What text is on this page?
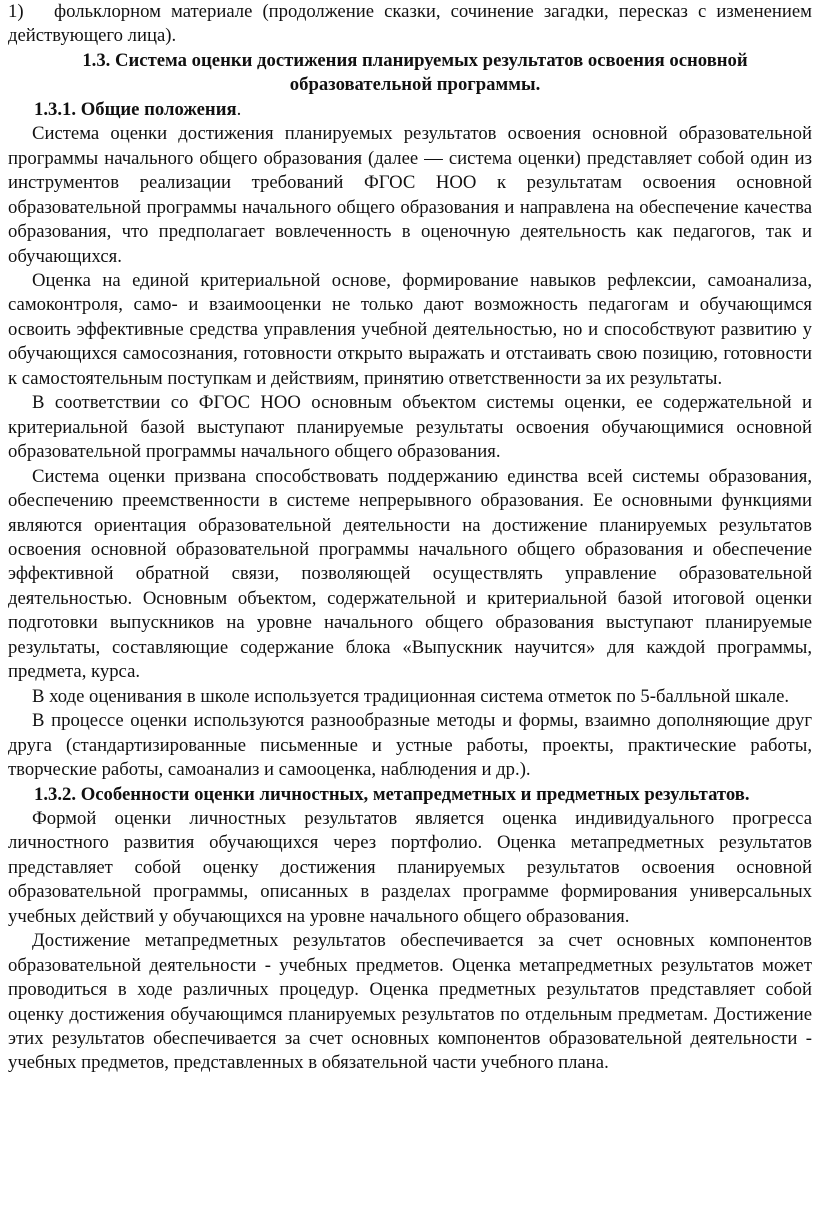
1) фольклорном материале (продолжение сказки, сочинение загадки, пересказ с изменением действующего лица).

1.3. Система оценки достижения планируемых результатов освоения основной образовательной программы.

1.3.1. Общие положения.

Система оценки достижения планируемых результатов освоения основной образовательной программы начального общего образования (далее — система оценки) представляет собой один из инструментов реализации требований ФГОС НОО к результатам освоения основной образовательной программы начального общего образования и направлена на обеспечение качества образования, что предполагает вовлеченность в оценочную деятельность как педагогов, так и обучающихся.

Оценка на единой критериальной основе, формирование навыков рефлексии, самоанализа, самоконтроля, само- и взаимооценки не только дают возможность педагогам и обучающимся освоить эффективные средства управления учебной деятельностью, но и способствуют развитию у обучающихся самосознания, готовности открыто выражать и отстаивать свою позицию, готовности к самостоятельным поступкам и действиям, принятию ответственности за их результаты.

В соответствии со ФГОС НОО основным объектом системы оценки, ее содержательной и критериальной базой выступают планируемые результаты освоения обучающимися основной образовательной программы начального общего образования.

Система оценки призвана способствовать поддержанию единства всей системы образования, обеспечению преемственности в системе непрерывного образования. Ее основными функциями являются ориентация образовательной деятельности на достижение планируемых результатов освоения основной образовательной программы начального общего образования и обеспечение эффективной обратной связи, позволяющей осуществлять управление образовательной деятельностью. Основным объектом, содержательной и критериальной базой итоговой оценки подготовки выпускников на уровне начального общего образования выступают планируемые результаты, составляющие содержание блока «Выпускник научится» для каждой программы, предмета, курса.

В ходе оценивания в школе используется традиционная система отметок по 5-балльной шкале.

В процессе оценки используются разнообразные методы и формы, взаимно дополняющие друг друга (стандартизированные письменные и устные работы, проекты, практические работы, творческие работы, самоанализ и самооценка, наблюдения и др.).

1.3.2. Особенности оценки личностных, метапредметных и предметных результатов.

Формой оценки личностных результатов является оценка индивидуального прогресса личностного развития обучающихся через портфолио. Оценка метапредметных результатов представляет собой оценку достижения планируемых результатов освоения основной образовательной программы, описанных в разделах программе формирования универсальных учебных действий у обучающихся на уровне начального общего образования.

Достижение метапредметных результатов обеспечивается за счет основных компонентов образовательной деятельности - учебных предметов. Оценка метапредметных результатов может проводиться в ходе различных процедур. Оценка предметных результатов представляет собой оценку достижения обучающимся планируемых результатов по отдельным предметам. Достижение этих результатов обеспечивается за счет основных компонентов образовательной деятельности - учебных предметов, представленных в обязательной части учебного плана.
